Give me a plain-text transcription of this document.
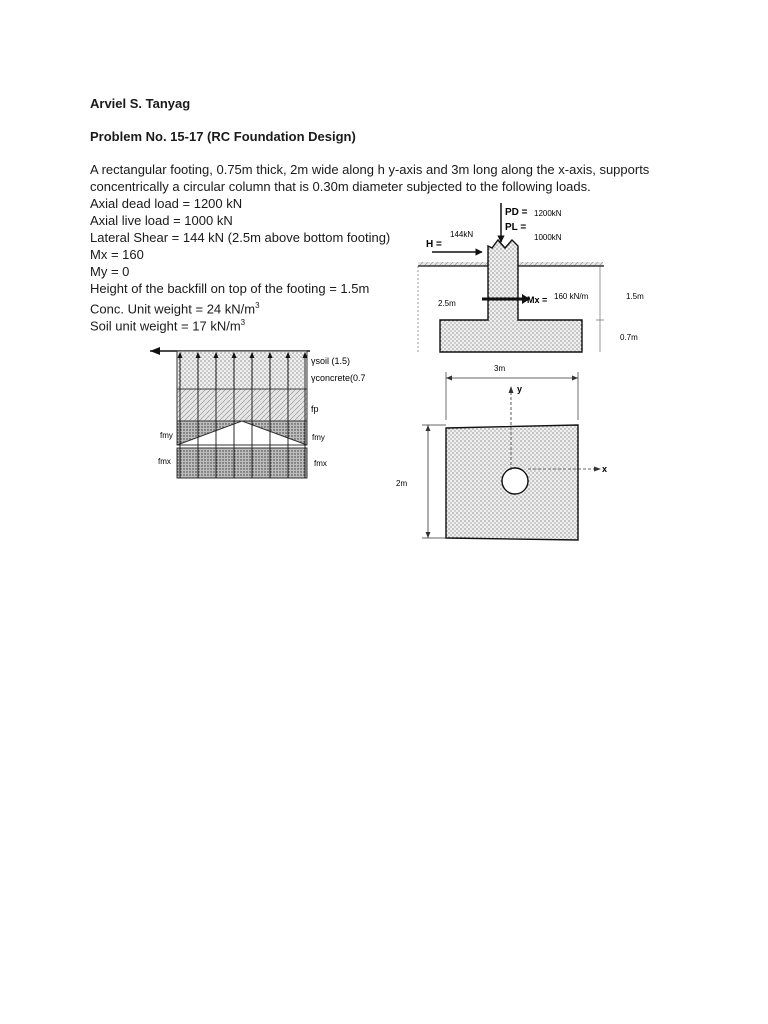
Arviel S. Tanyag
Problem No. 15-17 (RC Foundation Design)
A rectangular footing, 0.75m thick, 2m wide along h y-axis and 3m long along the x-axis, supports
concentrically a circular column that is 0.30m diameter subjected to the following loads.
Axial dead load = 1200 kN
Axial live load = 1000 kN
Lateral Shear = 144 kN (2.5m above bottom footing)
Mx = 160
My = 0
Height of the backfill on top of the footing = 1.5m
Conc. Unit weight = 24 $kN/m^3$
Soil unit weight = 17 $kN/m^3$
γsoil (1.5)
γconcrete(0.7
fp
fmy	fmy
fmx	fmx
PD =
PL =
H =
Mx =
1200kN
1000kN
144kN
160 kN/m
2.5m
1.5m
0.7m
3m
2m
y
x
